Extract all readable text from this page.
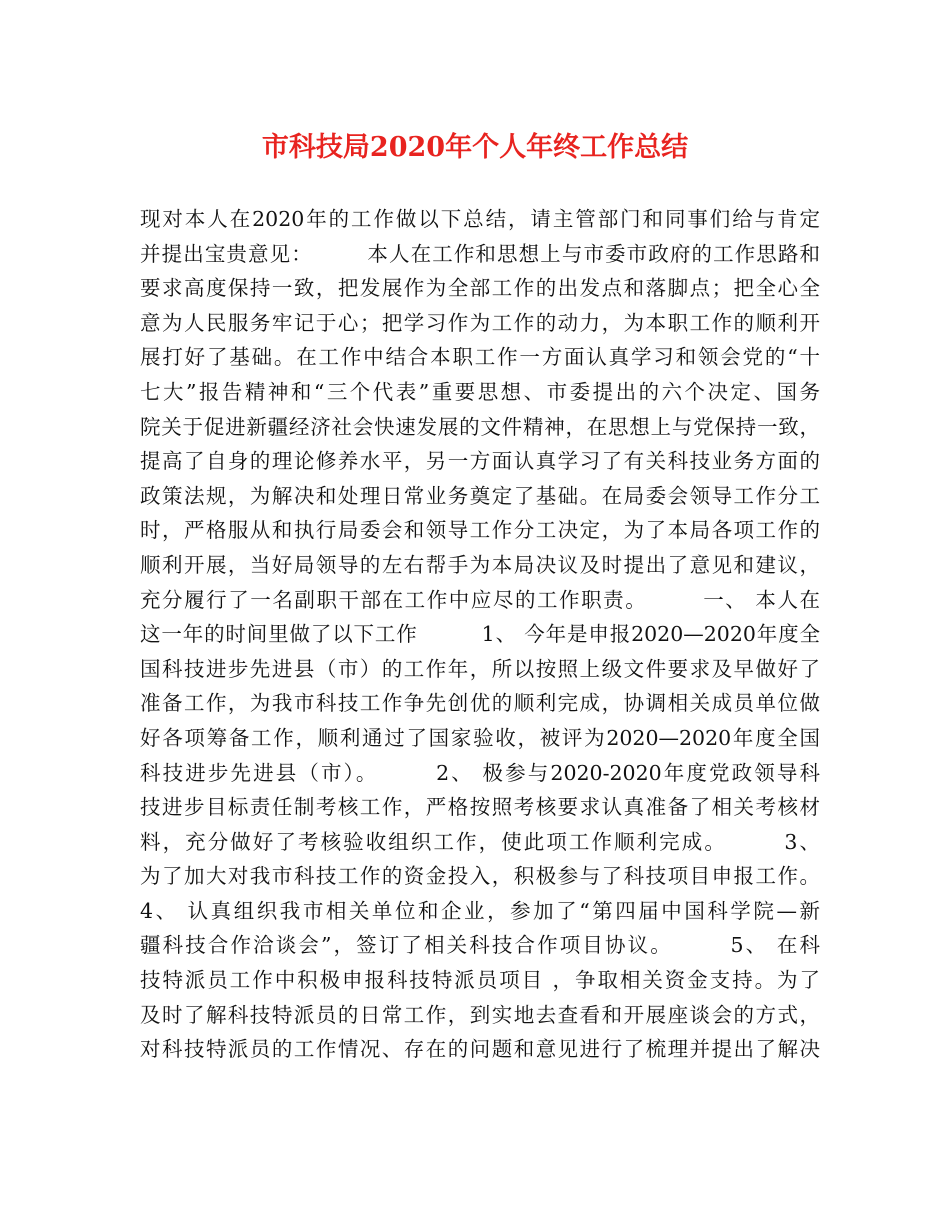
市科技局2020年个人年终工作总结
现对本人在2020年的工作做以下总结，请主管部门和同事们给与肯定
并提出宝贵意见：　　　本人在工作和思想上与市委市政府的工作思路和
要求高度保持一致，把发展作为全部工作的出发点和落脚点；把全心全
意为人民服务牢记于心；把学习作为工作的动力，为本职工作的顺利开
展打好了基础。在工作中结合本职工作一方面认真学习和领会党的“十
七大”报告精神和“三个代表”重要思想、市委提出的六个决定、国务
院关于促进新疆经济社会快速发展的文件精神，在思想上与党保持一致，
提高了自身的理论修养水平，另一方面认真学习了有关科技业务方面的
政策法规，为解决和处理日常业务奠定了基础。在局委会领导工作分工
时，严格服从和执行局委会和领导工作分工决定，为了本局各项工作的
顺利开展，当好局领导的左右帮手为本局决议及时提出了意见和建议，
充分履行了一名副职干部在工作中应尽的工作职责。　　　一、 本人在
这一年的时间里做了以下工作　　　1、 今年是申报2020—2020年度全
国科技进步先进县（市）的工作年，所以按照上级文件要求及早做好了
准备工作，为我市科技工作争先创优的顺利完成，协调相关成员单位做
好各项筹备工作，顺利通过了国家验收，被评为2020—2020年度全国
科技进步先进县（市）。　　　2、 极参与2020-2020年度党政领导科
技进步目标责任制考核工作，严格按照考核要求认真准备了相关考核材
料，充分做好了考核验收组织工作，使此项工作顺利完成。　　　3、
为了加大对我市科技工作的资金投入，积极参与了科技项目申报工作。
4、 认真组织我市相关单位和企业，参加了“第四届中国科学院—新
疆科技合作洽谈会”，签订了相关科技合作项目协议。　　　5、 在科
技特派员工作中积极申报科技特派员项目 ，争取相关资金支持。为了
及时了解科技特派员的日常工作，到实地去查看和开展座谈会的方式，
对科技特派员的工作情况、存在的问题和意见进行了梳理并提出了解决
